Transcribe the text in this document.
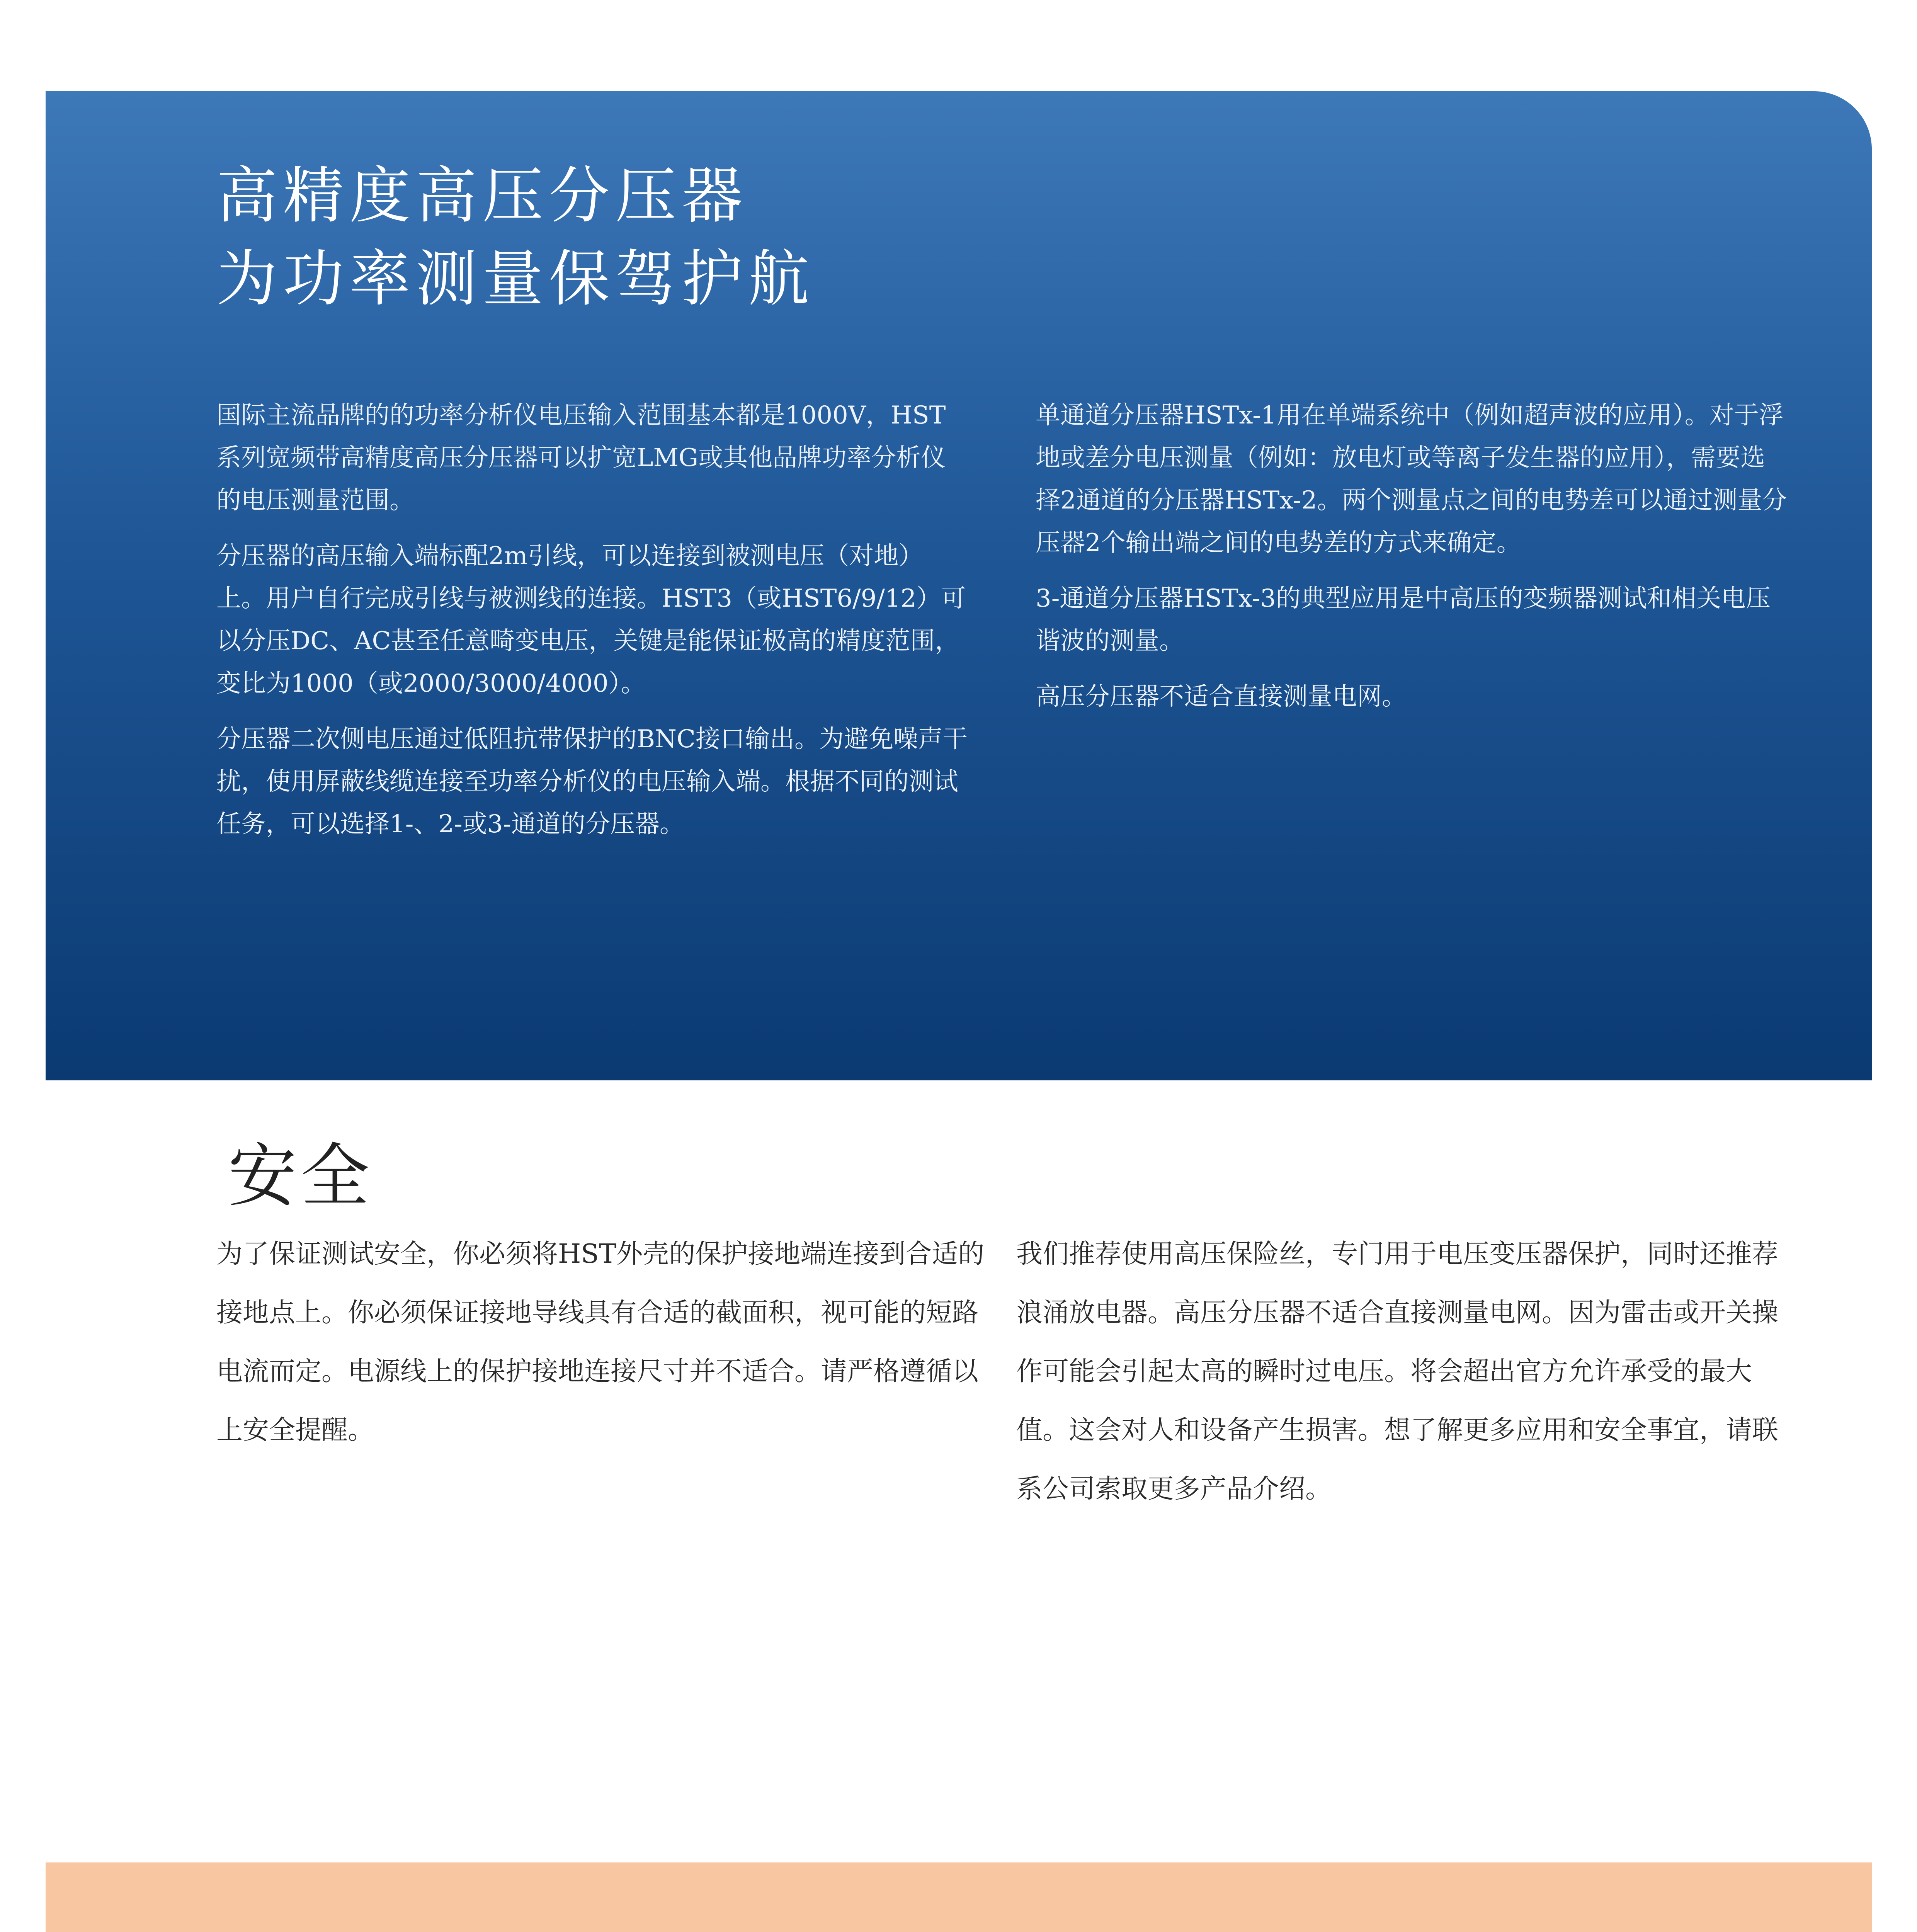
高精度高压分压器
为功率测量保驾护航

国际主流品牌的的功率分析仪电压输入范围基本都是1000V，HST系列宽频带高精度高压分压器可以扩宽LMG或其他品牌功率分析仪的电压测量范围。

分压器的高压输入端标配2m引线，可以连接到被测电压（对地）上。用户自行完成引线与被测线的连接。HST3（或HST6/9/12）可以分压DC、AC甚至任意畸变电压，关键是能保证极高的精度范围，变比为1000（或2000/3000/4000）。

分压器二次侧电压通过低阻抗带保护的BNC接口输出。为避免噪声干扰，使用屏蔽线缆连接至功率分析仪的电压输入端。根据不同的测试任务，可以选择1-、2-或3-通道的分压器。

单通道分压器HSTx-1用在单端系统中（例如超声波的应用）。对于浮地或差分电压测量（例如：放电灯或等离子发生器的应用），需要选择2通道的分压器HSTx-2。两个测量点之间的电势差可以通过测量分压器2个输出端之间的电势差的方式来确定。

3-通道分压器HSTx-3的典型应用是中高压的变频器测试和相关电压谐波的测量。

高压分压器不适合直接测量电网。

安全

为了保证测试安全，你必须将HST外壳的保护接地端连接到合适的接地点上。你必须保证接地导线具有合适的截面积，视可能的短路电流而定。电源线上的保护接地连接尺寸并不适合。请严格遵循以上安全提醒。

我们推荐使用高压保险丝，专门用于电压变压器保护，同时还推荐浪涌放电器。高压分压器不适合直接测量电网。因为雷击或开关操作可能会引起太高的瞬时过电压。将会超出官方允许承受的最大值。这会对人和设备产生损害。想了解更多应用和安全事宜，请联系公司索取更多产品介绍。
